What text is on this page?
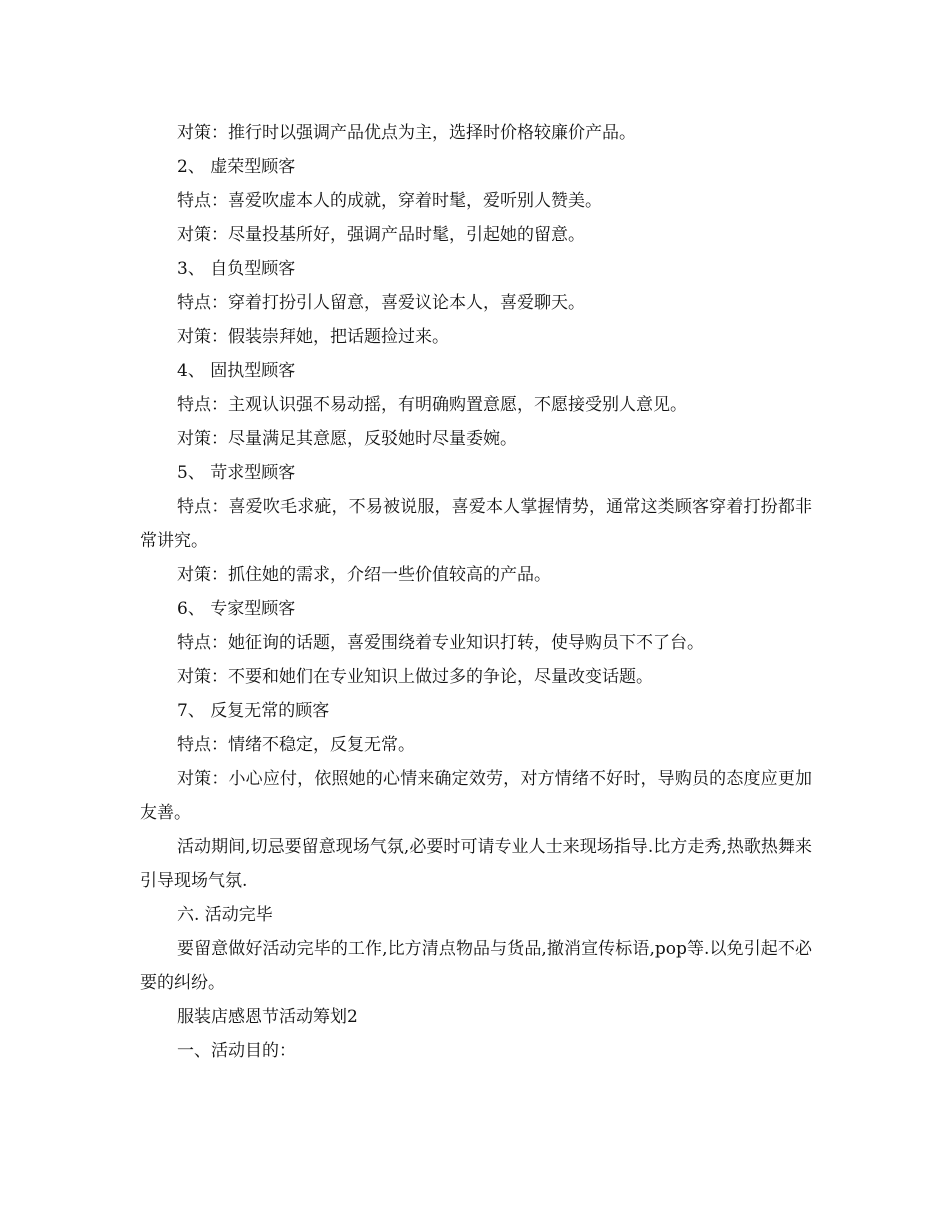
对策：推行时以强调产品优点为主，选择时价格较廉价产品。

2、 虚荣型顾客

特点：喜爱吹虚本人的成就，穿着时髦，爱听别人赞美。

对策：尽量投基所好，强调产品时髦，引起她的留意。

3、 自负型顾客

特点：穿着打扮引人留意，喜爱议论本人，喜爱聊天。

对策：假装崇拜她，把话题捡过来。

4、 固执型顾客

特点：主观认识强不易动摇，有明确购置意愿，不愿接受别人意见。

对策：尽量满足其意愿，反驳她时尽量委婉。

5、 苛求型顾客

特点：喜爱吹毛求疵，不易被说服，喜爱本人掌握情势，通常这类顾客穿着打扮都非常讲究。

对策：抓住她的需求，介绍一些价值较高的产品。

6、 专家型顾客

特点：她征询的话题，喜爱围绕着专业知识打转，使导购员下不了台。

对策：不要和她们在专业知识上做过多的争论，尽量改变话题。

7、 反复无常的顾客

特点：情绪不稳定，反复无常。

对策：小心应付，依照她的心情来确定效劳，对方情绪不好时，导购员的态度应更加友善。

活动期间,切忌要留意现场气氛,必要时可请专业人士来现场指导.比方走秀,热歌热舞来引导现场气氛.

六. 活动完毕

要留意做好活动完毕的工作,比方清点物品与货品,撤消宣传标语,pop等.以免引起不必要的纠纷。

服装店感恩节活动筹划2

一、活动目的：
